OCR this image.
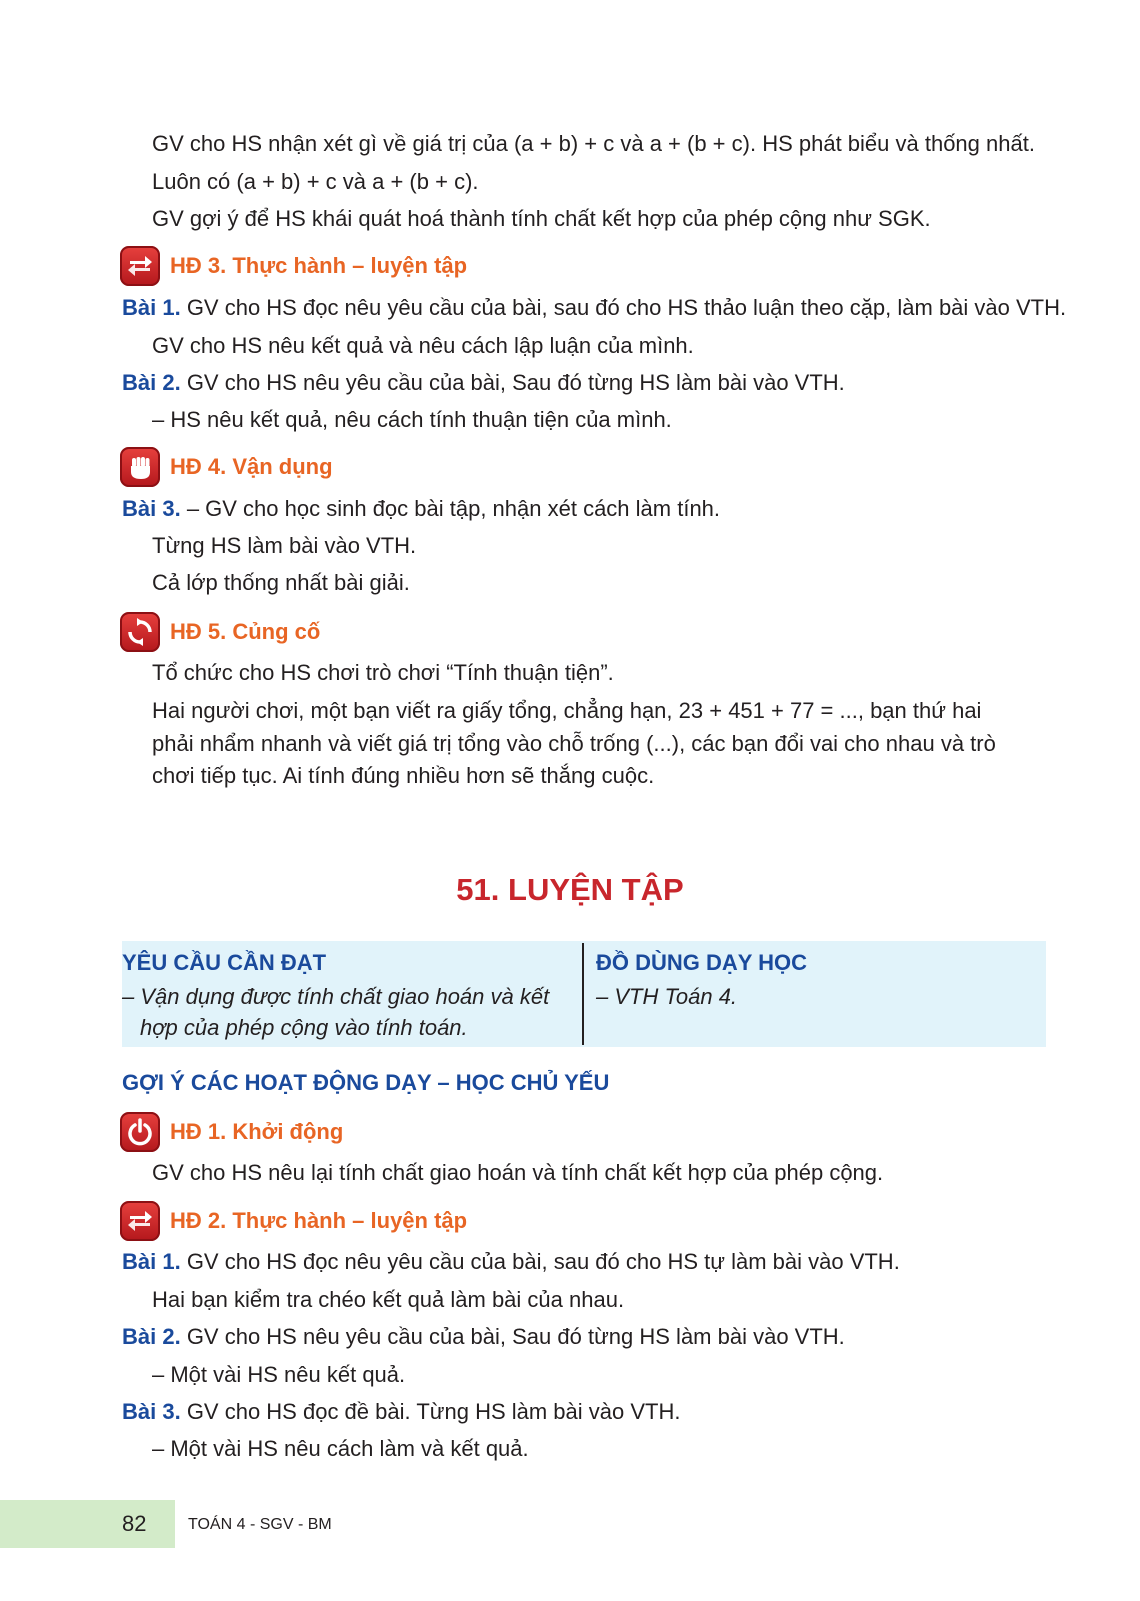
GV cho HS nhận xét gì về giá trị của (a + b) + c và a + (b + c). HS phát biểu và thống nhất.
Luôn có (a + b) + c và a + (b + c).
GV gợi ý để HS khái quát hoá thành tính chất kết hợp của phép cộng như SGK.
HĐ 3. Thực hành – luyện tập
Bài 1. GV cho HS đọc nêu yêu cầu của bài, sau đó cho HS thảo luận theo cặp, làm bài vào VTH.
GV cho HS nêu kết quả và nêu cách lập luận của mình.
Bài 2. GV cho HS nêu yêu cầu của bài, Sau đó từng HS làm bài vào VTH.
– HS nêu kết quả, nêu cách tính thuận tiện của mình.
HĐ 4. Vận dụng
Bài 3. – GV cho học sinh đọc bài tập, nhận xét cách làm tính.
Từng HS làm bài vào VTH.
Cả lớp thống nhất bài giải.
HĐ 5. Củng cố
Tổ chức cho HS chơi trò chơi “Tính thuận tiện”.
Hai người chơi, một bạn viết ra giấy tổng, chẳng hạn, 23 + 451 + 77 = ..., bạn thứ hai
phải nhẩm nhanh và viết giá trị tổng vào chỗ trống (...), các bạn đổi vai cho nhau và trò
chơi tiếp tục. Ai tính đúng nhiều hơn sẽ thắng cuộc.
51. LUYỆN TẬP
YÊU CẦU CẦN ĐẠT
– Vận dụng được tính chất giao hoán và kết
hợp của phép cộng vào tính toán.
ĐỒ DÙNG DẠY HỌC
– VTH Toán 4.
GỢI Ý CÁC HOẠT ĐỘNG DẠY – HỌC CHỦ YẾU
HĐ 1. Khởi động
GV cho HS nêu lại tính chất giao hoán và tính chất kết hợp của phép cộng.
HĐ 2. Thực hành – luyện tập
Bài 1. GV cho HS đọc nêu yêu cầu của bài, sau đó cho HS tự làm bài vào VTH.
Hai bạn kiểm tra chéo kết quả làm bài của nhau.
Bài 2. GV cho HS nêu yêu cầu của bài, Sau đó từng HS làm bài vào VTH.
– Một vài HS nêu kết quả.
Bài 3. GV cho HS đọc đề bài. Từng HS làm bài vào VTH.
– Một vài HS nêu cách làm và kết quả.
82	TOÁN 4 - SGV - BM
